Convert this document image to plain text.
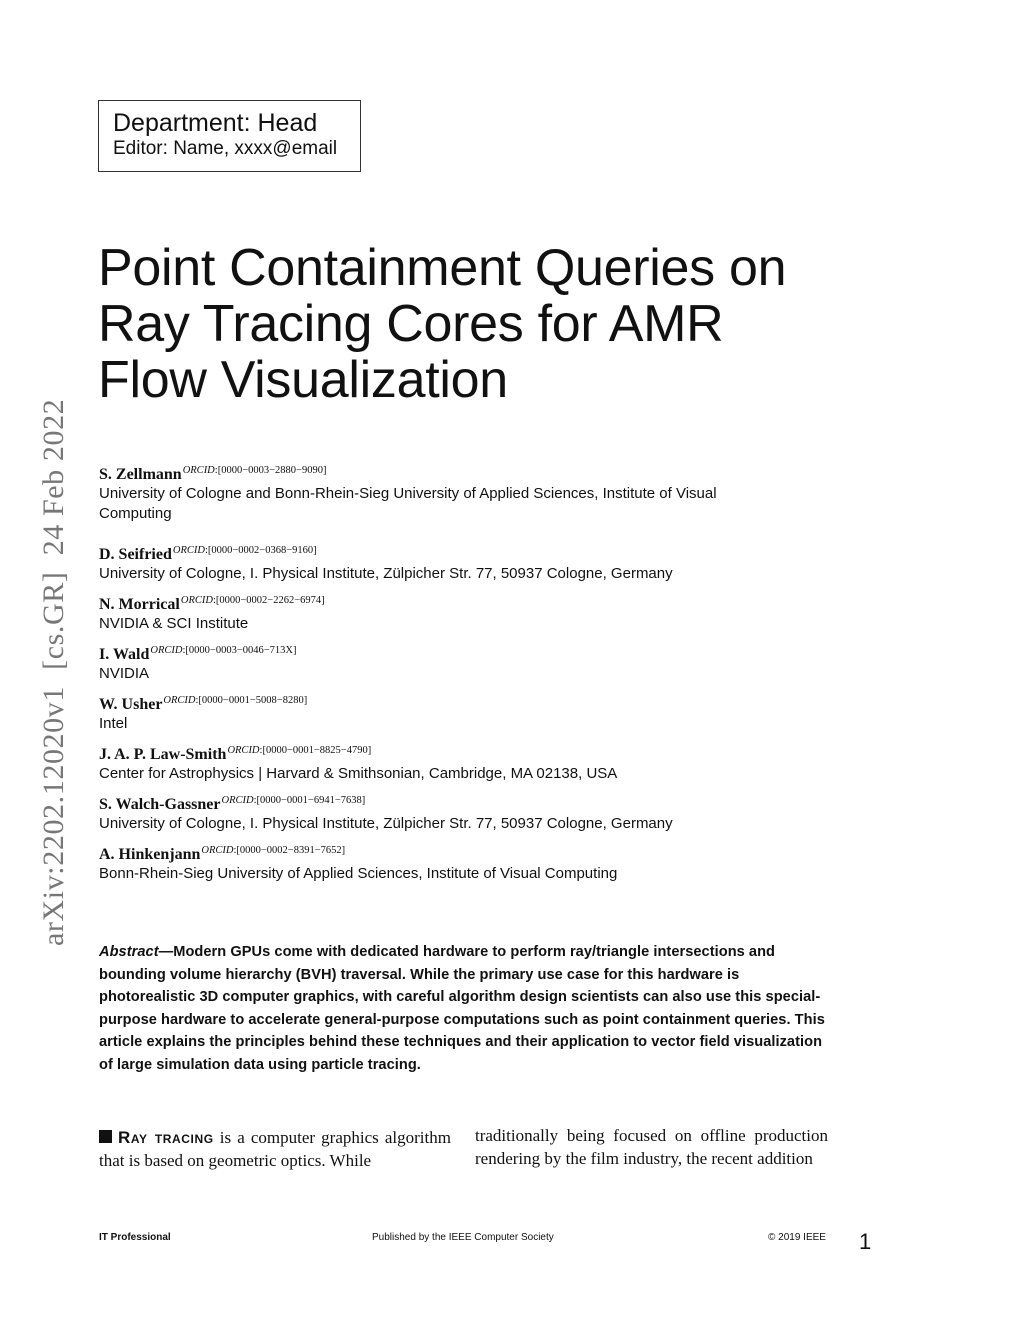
Department: Head
Editor: Name, xxxx@email
arXiv:2202.12020v1  [cs.GR]  24 Feb 2022
Point Containment Queries on
Ray Tracing Cores for AMR
Flow Visualization
S. Zellmann$^{ORCID:[0000-0003-2880-9090]}$
University of Cologne and Bonn-Rhein-Sieg University of Applied Sciences, Institute of Visual Computing
D. Seifried$^{ORCID:[0000-0002-0368-9160]}$
University of Cologne, I. Physical Institute, Zülpicher Str. 77, 50937 Cologne, Germany
N. Morrical$^{ORCID:[0000-0002-2262-6974]}$
NVIDIA & SCI Institute
I. Wald$^{ORCID:[0000-0003-0046-713X]}$
NVIDIA
W. Usher$^{ORCID:[0000-0001-5008-8280]}$
Intel
J. A. P. Law-Smith$^{ORCID:[0000-0001-8825-4790]}$
Center for Astrophysics | Harvard & Smithsonian, Cambridge, MA 02138, USA
S. Walch-Gassner$^{ORCID:[0000-0001-6941-7638]}$
University of Cologne, I. Physical Institute, Zülpicher Str. 77, 50937 Cologne, Germany
A. Hinkenjann$^{ORCID:[0000-0002-8391-7652]}$
Bonn-Rhein-Sieg University of Applied Sciences, Institute of Visual Computing

Abstract—Modern GPUs come with dedicated hardware to perform ray/triangle intersections and bounding volume hierarchy (BVH) traversal. While the primary use case for this hardware is photorealistic 3D computer graphics, with careful algorithm design scientists can also use this special-purpose hardware to accelerate general-purpose computations such as point containment queries. This article explains the principles behind these techniques and their application to vector field visualization of large simulation data using particle tracing.

Ray tracing is a computer graphics algorithm that is based on geometric optics. While
traditionally being focused on offline production rendering by the film industry, the recent addition
IT Professional	Published by the IEEE Computer Society	© 2019 IEEE 1
